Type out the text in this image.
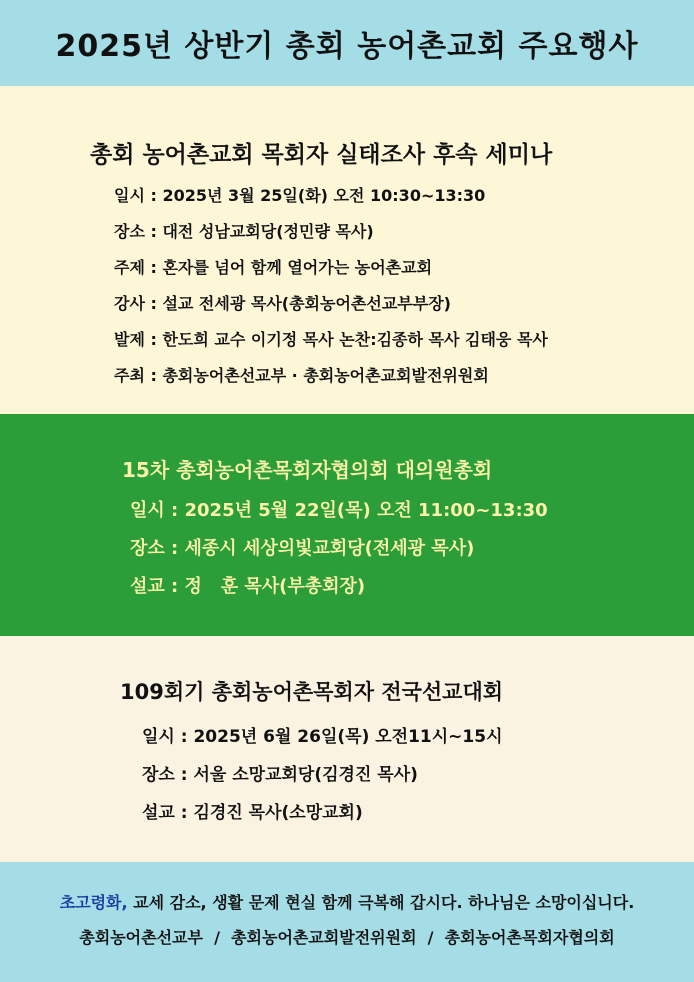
2025년 상반기 총회 농어촌교회 주요행사
총회 농어촌교회 목회자 실태조사 후속 세미나
일시 : 2025년 3월 25일(화) 오전 10:30~13:30
장소 : 대전 성남교회당(정민량 목사)
주제 : 혼자를 넘어 함께 열어가는 농어촌교회
강사 : 설교 전세광 목사(총회농어촌선교부부장)
발제 : 한도희 교수 이기정 목사 논찬:김종하 목사 김태웅 목사
주최 : 총회농어촌선교부 · 총회농어촌교회발전위원회
15차 총회농어촌목회자협의회 대의원총회
일시 : 2025년 5월 22일(목) 오전 11:00~13:30
장소 : 세종시 세상의빛교회당(전세광 목사)
설교 : 정   훈 목사(부총회장)
109회기 총회농어촌목회자 전국선교대회
일시 : 2025년 6월 26일(목) 오전11시~15시
장소 : 서울 소망교회당(김경진 목사)
설교 : 김경진 목사(소망교회)
초고령화, 교세 감소, 생활 문제 현실 함께 극복해 갑시다. 하나님은 소망이십니다.
총회농어촌선교부  /  총회농어촌교회발전위원회  /  총회농어촌목회자협의회
